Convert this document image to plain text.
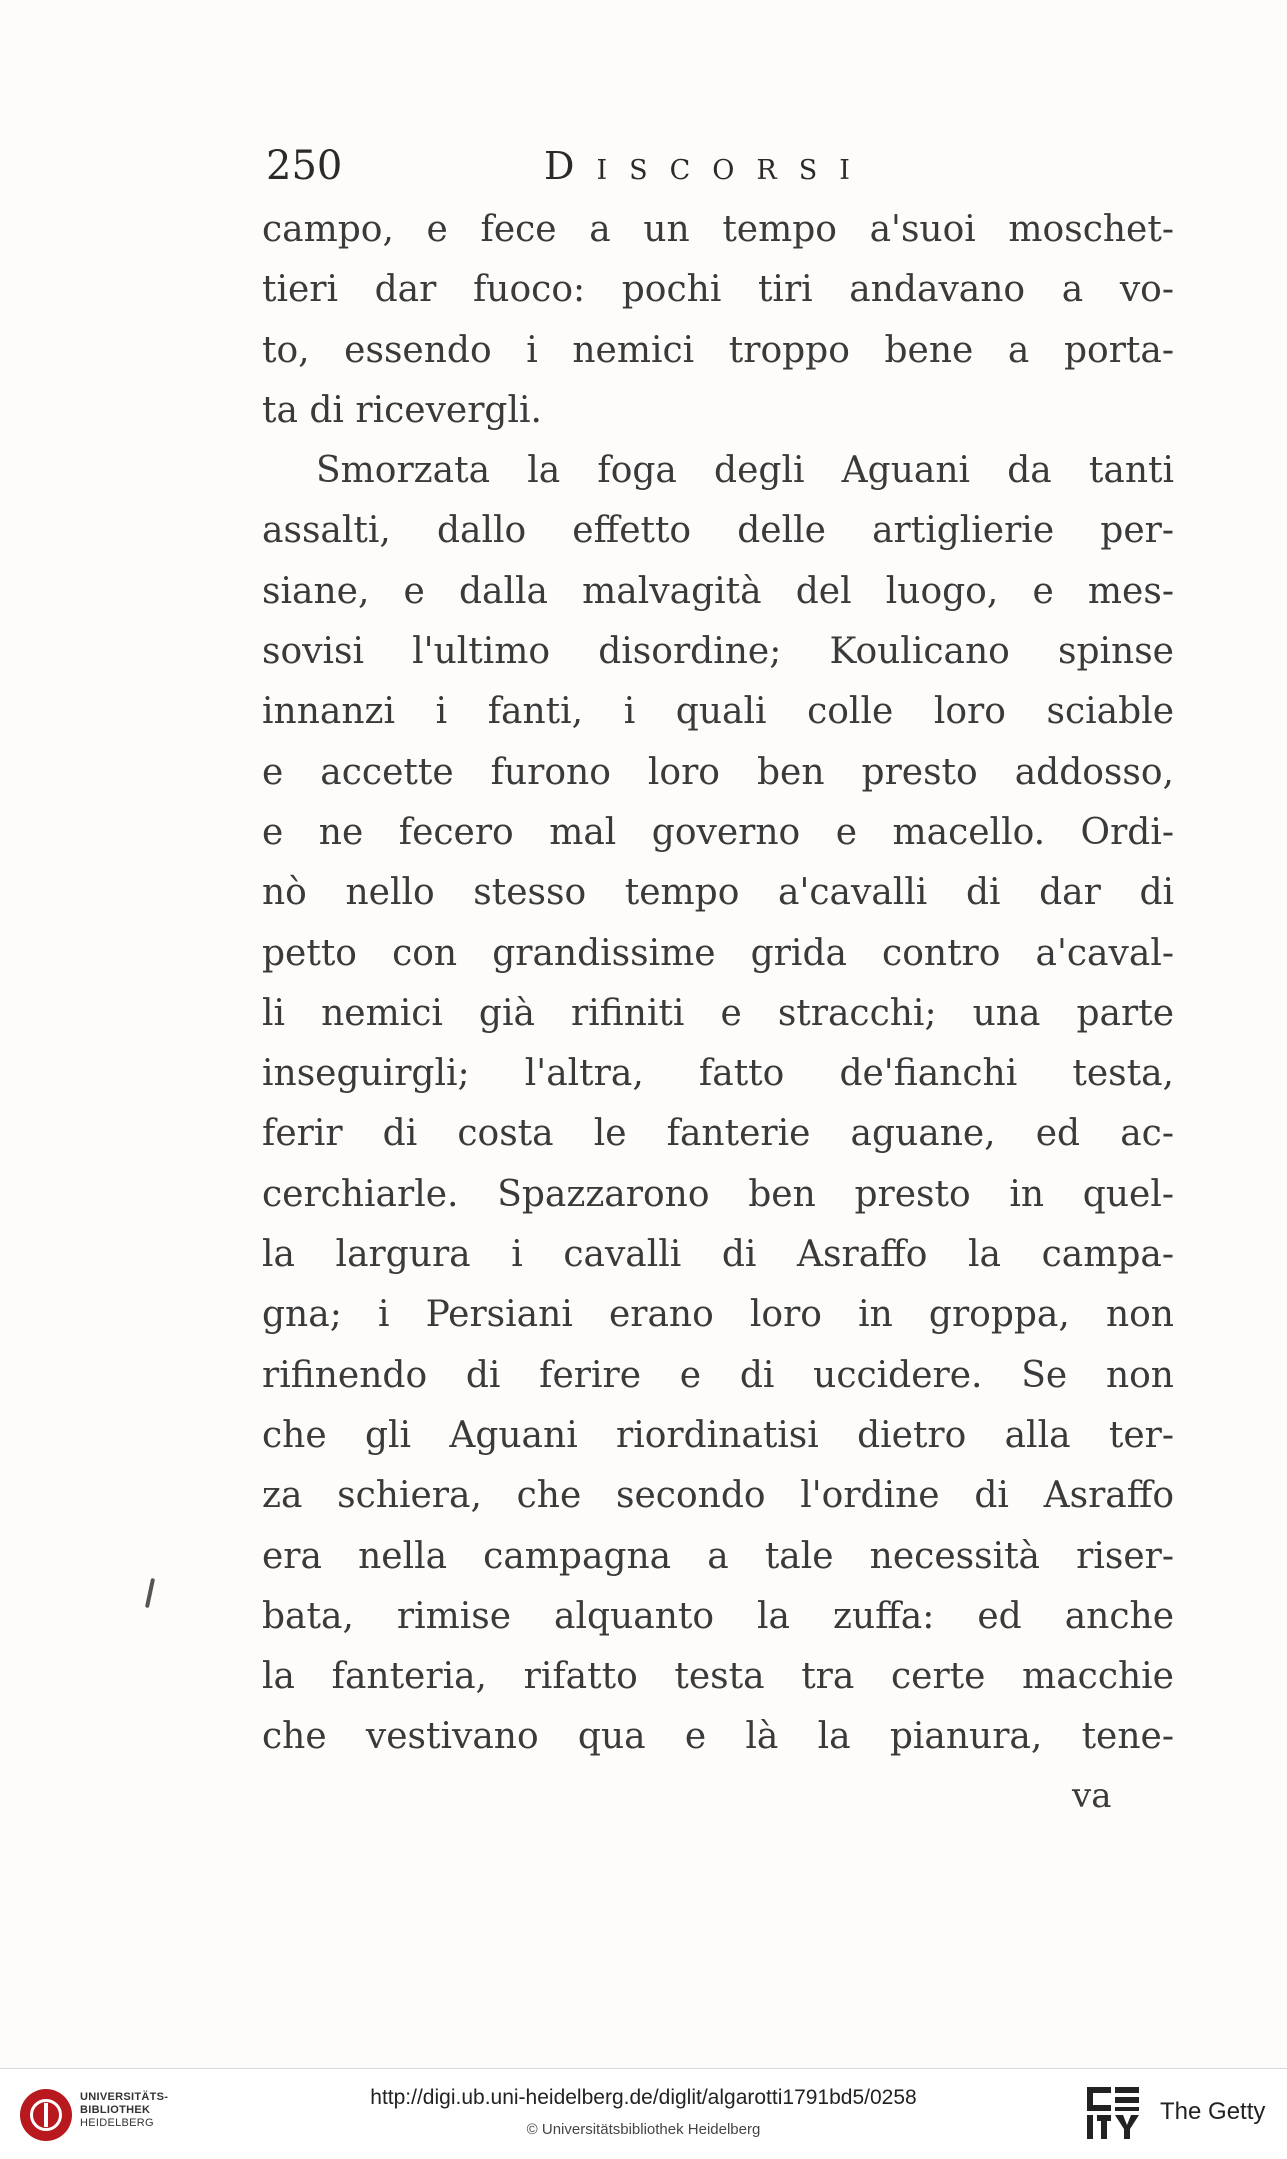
250	Discorsi
campo, e fece a un tempo a'suoi moschet-
tieri dar fuoco: pochi tiri andavano a vo-
to, essendo i nemici troppo bene a porta-
ta di ricevergli.
Smorzata la foga degli Aguani da tanti
assalti, dallo effetto delle artiglierie per-
siane, e dalla malvagità del luogo, e mes-
sovisi l'ultimo disordine; Koulicano spinse
innanzi i fanti, i quali colle loro sciable
e accette furono loro ben presto addosso,
e ne fecero mal governo e macello. Ordi-
nò nello stesso tempo a'cavalli di dar di
petto con grandissime grida contro a'caval-
li nemici già rifiniti e stracchi; una parte
inseguirgli; l'altra, fatto de'fianchi testa,
ferir di costa le fanterie aguane, ed ac-
cerchiarle. Spazzarono ben presto in quel-
la largura i cavalli di Asraffo la campa-
gna; i Persiani erano loro in groppa, non
rifinendo di ferire e di uccidere. Se non
che gli Aguani riordinatisi dietro alla ter-
za schiera, che secondo l'ordine di Asraffo
era nella campagna a tale necessità riser-
bata, rimise alquanto la zuffa: ed anche
la fanteria, rifatto testa tra certe macchie
che vestivano qua e là la pianura, tene-
va
UNIVERSITÄTS-
BIBLIOTHEK
HEIDELBERG
http://digi.ub.uni-heidelberg.de/diglit/algarotti1791bd5/0258
© Universitätsbibliothek Heidelberg
The Getty
